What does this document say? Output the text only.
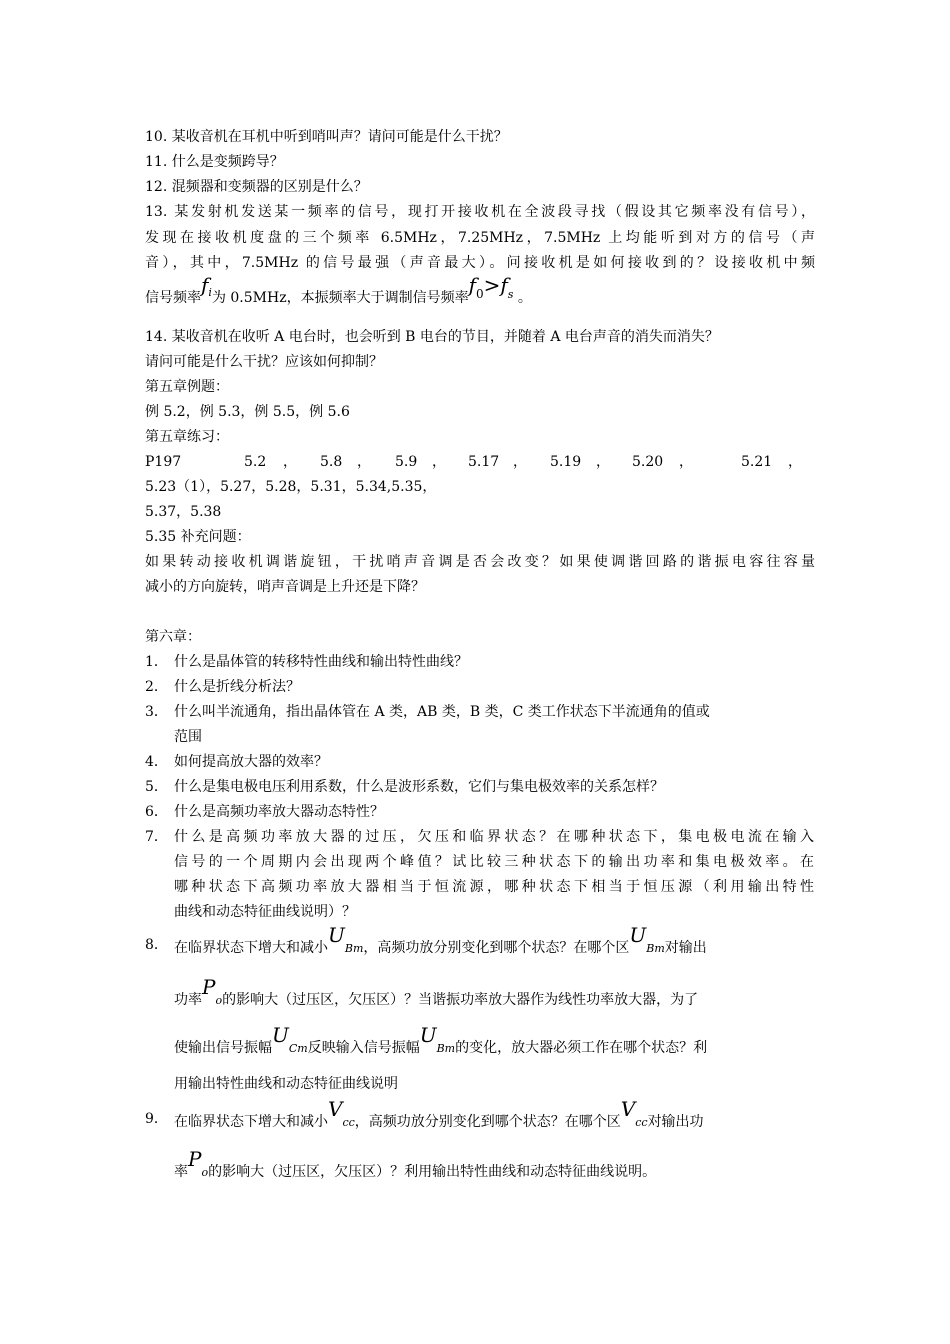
10. 某收音机在耳机中听到哨叫声？请问可能是什么干扰？
11. 什么是变频跨导？
12. 混频器和变频器的区别是什么？
13. 某发射机发送某一频率的信号，现打开接收机在全波段寻找（假设其它频率没有信号），
发现在接收机度盘的三个频率 6.5MHz，7.25MHz，7.5MHz 上均能听到对方的信号（声
音），其中，7.5MHz 的信号最强（声音最大）。问接收机是如何接收到的？设接收机中频
信号频率$f^i$为 0.5MHz，本振频率大于调制信号频率$f0>f^s$ 。
14. 某收音机在收听 A 电台时，也会听到 B 电台的节目，并随着 A 电台声音的消失而消失？
请问可能是什么干扰？应该如何抑制？
第五章例题：
例 5.2，例 5.3，例 5.5，例 5.6
第五章练习：
P197	5.2 ， 5.8 ， 5.9 ， 5.17 ， 5.19 ， 5.20 ，	5.21 ，
5.23（1），5.27，5.28，5.31，5.34,5.35，
5.37，5.38
5.35 补充问题：
如果转动接收机调谐旋钮，干扰哨声音调是否会改变？如果使调谐回路的谐振电容往容量
减小的方向旋转，哨声音调是上升还是下降？
第六章：
1． 什么是晶体管的转移特性曲线和输出特性曲线？
2． 什么是折线分析法？
3． 什么叫半流通角，指出晶体管在 A 类，AB 类，B 类，C 类工作状态下半流通角的值或
范围
4． 如何提高放大器的效率？
5． 什么是集电极电压利用系数，什么是波形系数，它们与集电极效率的关系怎样？
6． 什么是高频功率放大器动态特性？
7． 什么是高频功率放大器的过压，欠压和临界状态？在哪种状态下，集电极电流在输入
信号的一个周期内会出现两个峰值？试比较三种状态下的输出功率和集电极效率。在
哪种状态下高频功率放大器相当于恒流源，哪种状态下相当于恒压源（利用输出特性
曲线和动态特征曲线说明）？
8． 在临界状态下增大和减小UBm，高频功放分别变化到哪个状态？在哪个区UBm对输出
功率Po的影响大（过压区，欠压区）？当谐振功率放大器作为线性功率放大器，为了
使输出信号振幅UCm反映输入信号振幅UBm的变化，放大器必须工作在哪个状态？利
用输出特性曲线和动态特征曲线说明
9． 在临界状态下增大和减小Vcc，高频功放分别变化到哪个状态？在哪个区Vcc对输出功
率Po的影响大（过压区，欠压区）？利用输出特性曲线和动态特征曲线说明。
